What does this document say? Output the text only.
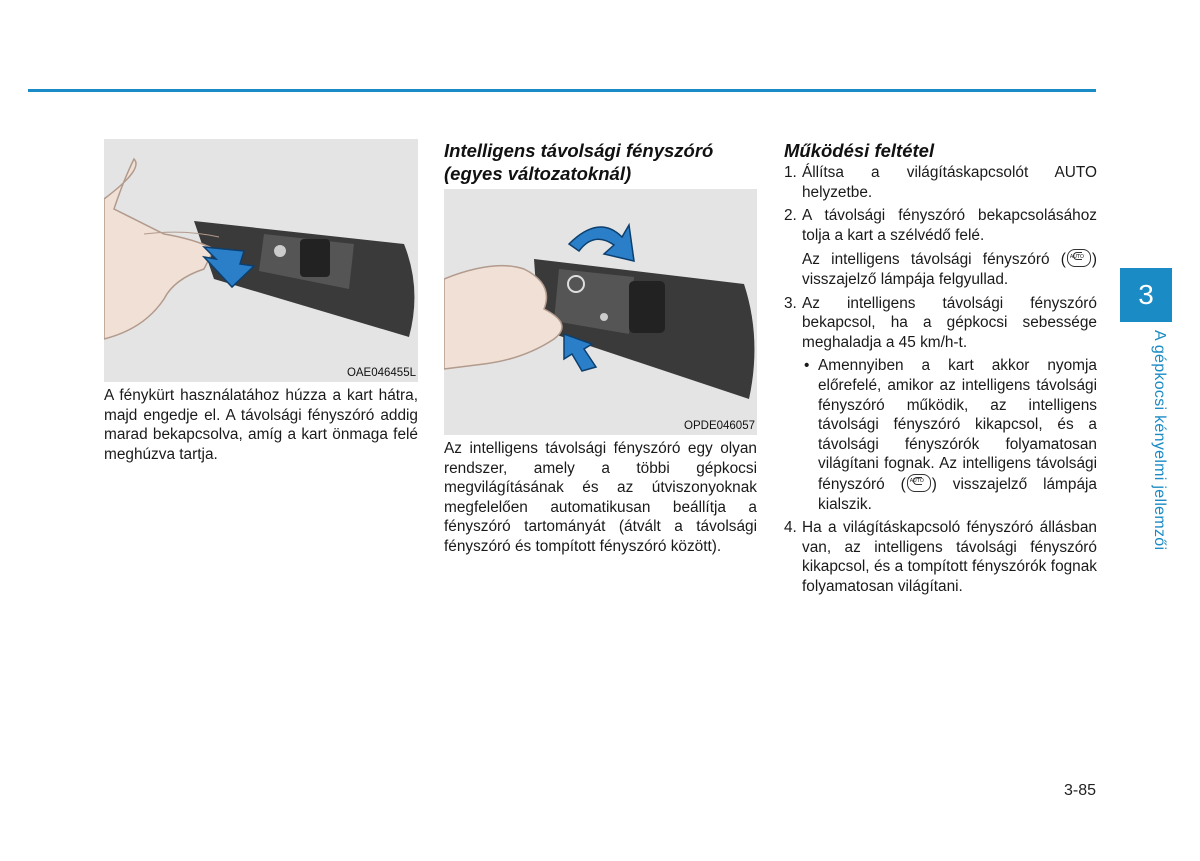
OAE046455L

A fénykürt használatához húzza a kart hátra, majd engedje el. A távolsági fényszóró addig marad bekapcsolva, amíg a kart önmaga felé meghúzva tartja.

Intelligens távolsági fényszóró
(egyes változatoknál)

OPDE046057

Az intelligens távolsági fényszóró egy olyan rendszer, amely a többi gépkocsi megvilágításának és az útviszonyoknak megfelelően automatikusan beállítja a fényszóró tartományát (átvált a távolsági fényszóró és tompított fényszóró között).

Működési feltétel

1. Állítsa a világításkapcsolót AUTO helyzetbe.

2. A távolsági fényszóró bekapcsolásához tolja a kart a szélvédő felé.

Az intelligens távolsági fényszóró ( AUTO ) visszajelző lámpája felgyullad.

3. Az intelligens távolsági fényszóró bekapcsol, ha a gépkocsi sebessége meghaladja a 45 km/h-t.

• Amennyiben a kart akkor nyomja előrefelé, amikor az intelligens távolsági fényszóró működik, az intelligens távolsági fényszóró kikapcsol, és a távolsági fényszórók folyamatosan világítani fognak. Az intelligens távolsági fényszóró ( AUTO ) visszajelző lámpája kialszik.

4. Ha a világításkapcsoló fényszóró állásban van, az intelligens távolsági fényszóró kikapcsol, és a tompított fényszórók fognak folyamatosan világítani.

3
A gépkocsi kényelmi jellemzői
3-85
